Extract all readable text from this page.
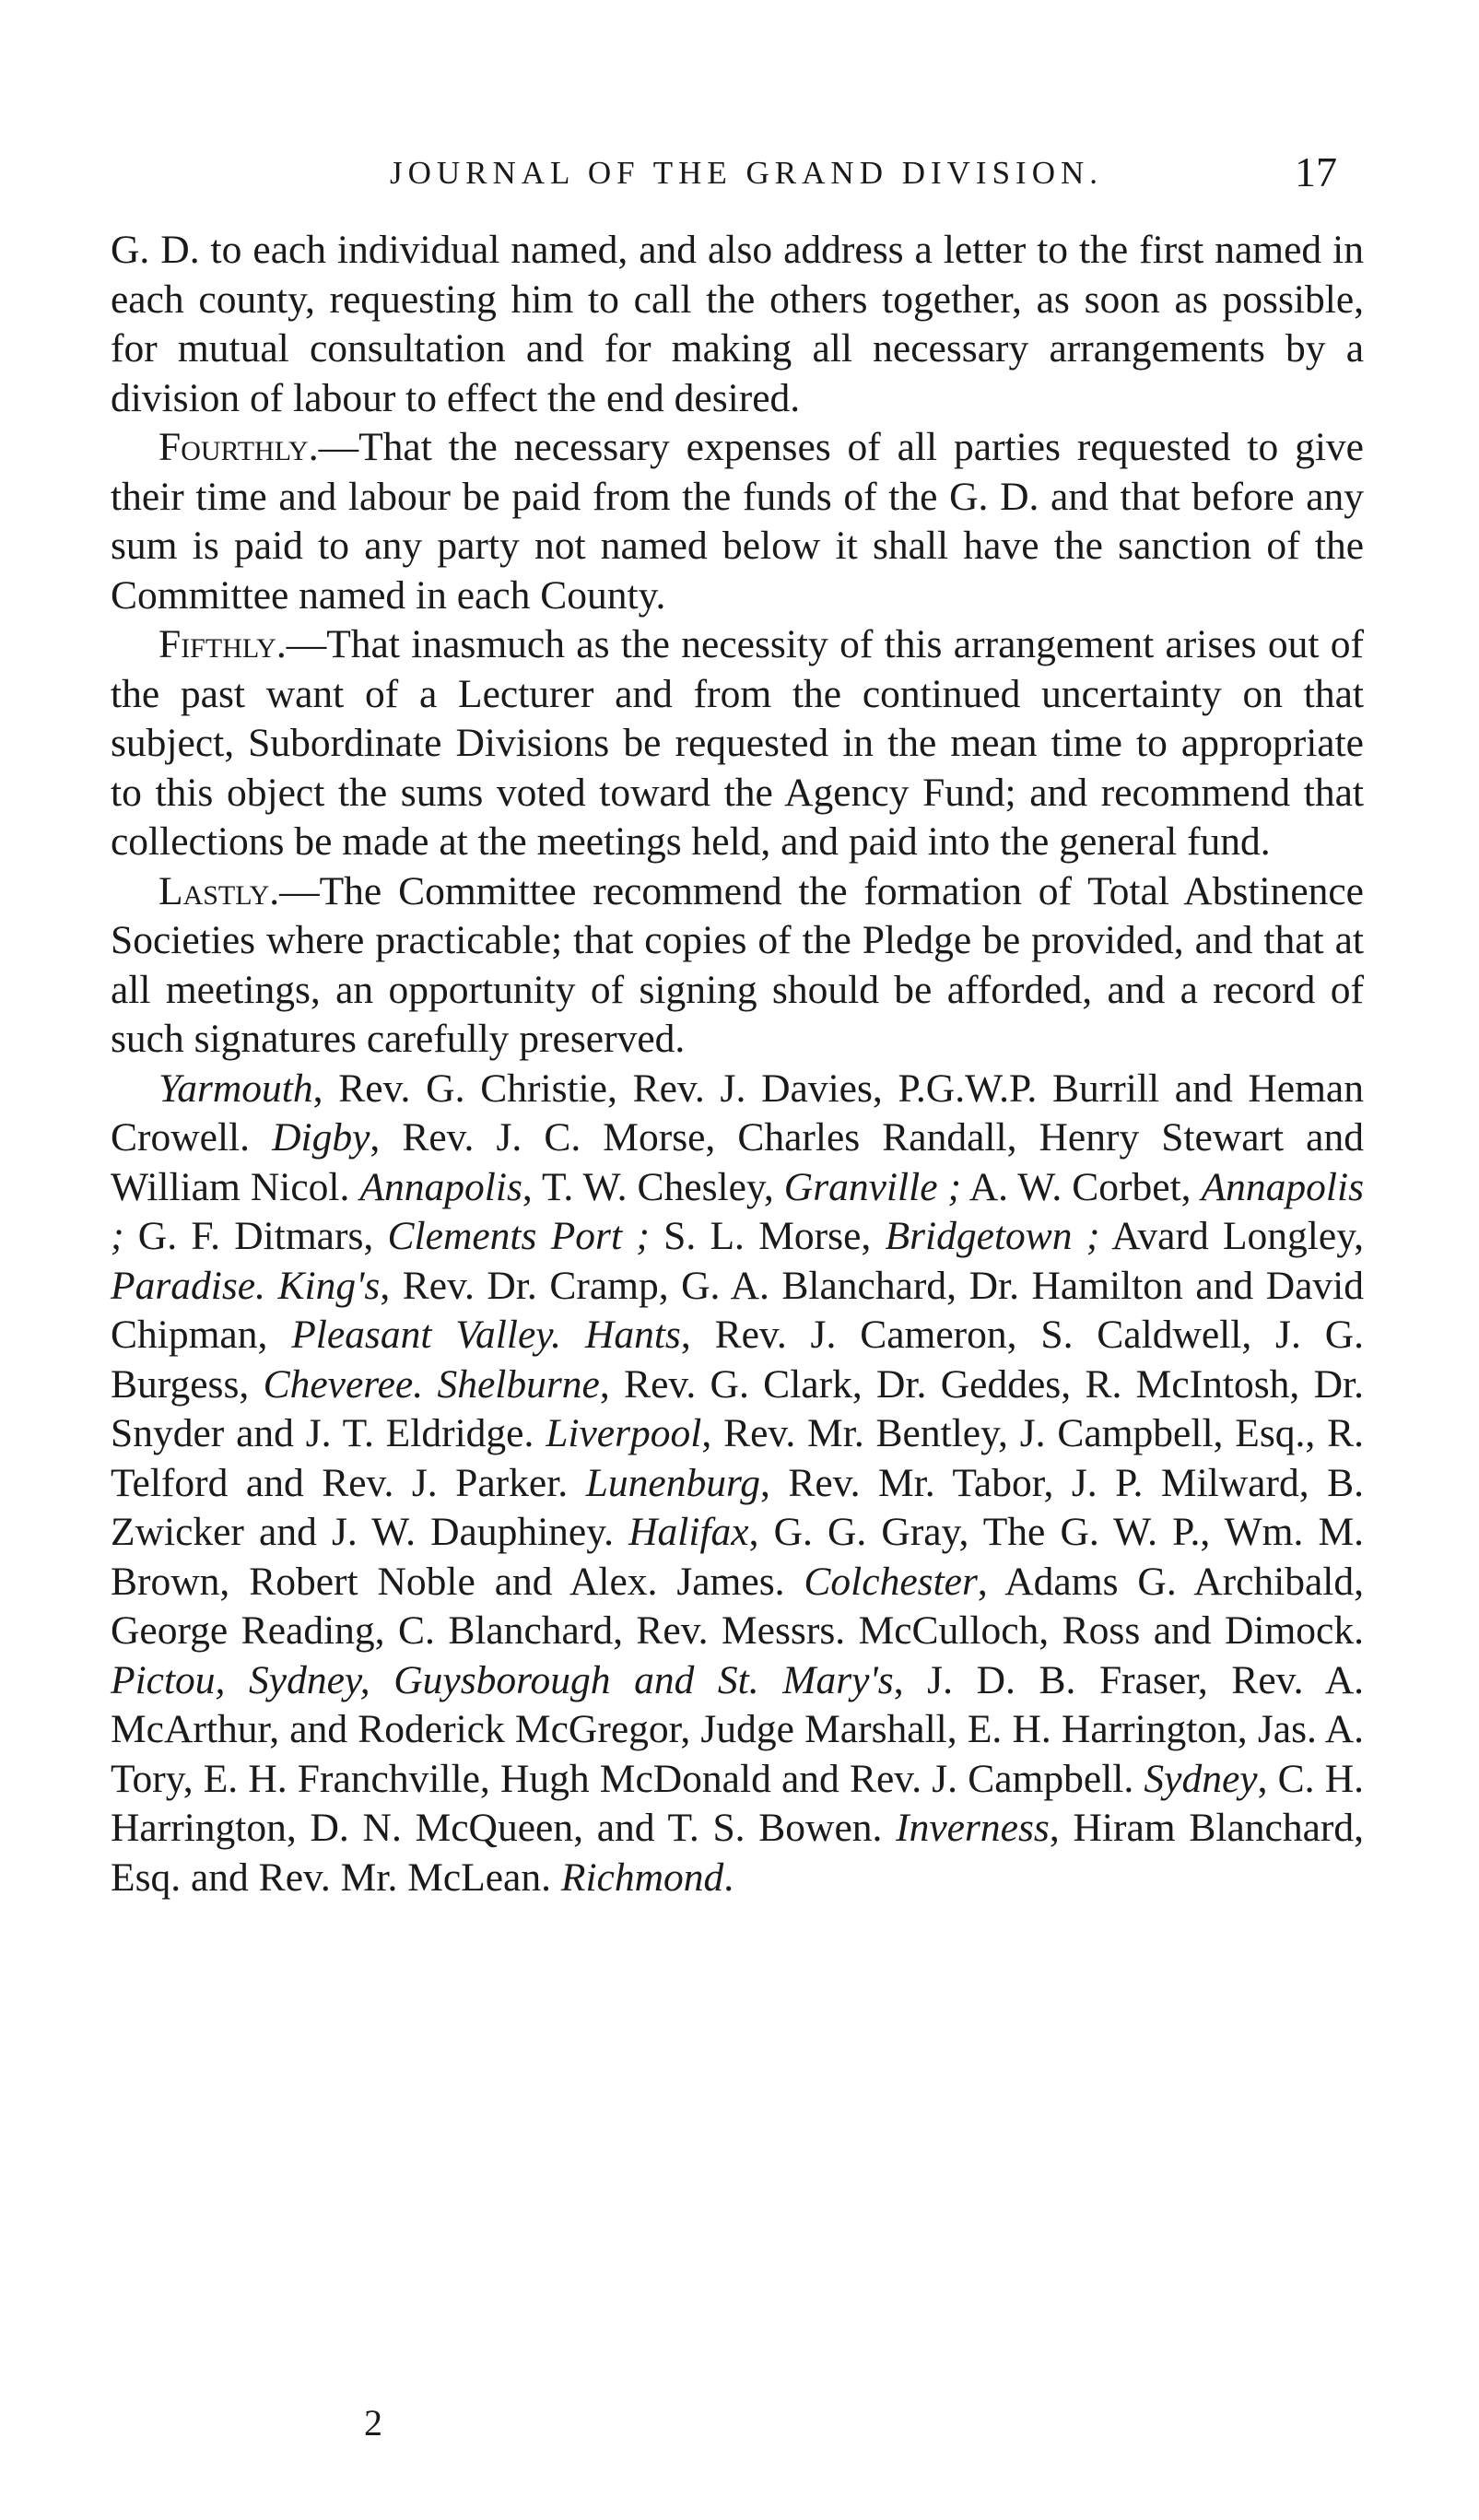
JOURNAL OF THE GRAND DIVISION.	17

G. D. to each individual named, and also address a letter to the first named in each county, requesting him to call the others together, as soon as possible, for mutual consultation and for making all necessary arrangements by a division of labour to effect the end desired.

Fourthly.—That the necessary expenses of all parties requested to give their time and labour be paid from the funds of the G. D. and that before any sum is paid to any party not named below it shall have the sanction of the Committee named in each County.

Fifthly.—That inasmuch as the necessity of this arrangement arises out of the past want of a Lecturer and from the continued uncertainty on that subject, Subordinate Divisions be requested in the mean time to appropriate to this object the sums voted toward the Agency Fund; and recommend that collections be made at the meetings held, and paid into the general fund.

Lastly.—The Committee recommend the formation of Total Abstinence Societies where practicable; that copies of the Pledge be provided, and that at all meetings, an opportunity of signing should be afforded, and a record of such signatures carefully preserved.

Yarmouth, Rev. G. Christie, Rev. J. Davies, P.G.W.P. Burrill and Heman Crowell. Digby, Rev. J. C. Morse, Charles Randall, Henry Stewart and William Nicol. Annapolis, T. W. Chesley, Granville ; A. W. Corbet, Annapolis ; G. F. Ditmars, Clements Port ; S. L. Morse, Bridgetown ; Avard Longley, Paradise. King's, Rev. Dr. Cramp, G. A. Blanchard, Dr. Hamilton and David Chipman, Pleasant Valley. Hants, Rev. J. Cameron, S. Caldwell, J. G. Burgess, Cheveree. Shelburne, Rev. G. Clark, Dr. Geddes, R. McIntosh, Dr. Snyder and J. T. Eldridge. Liverpool, Rev. Mr. Bentley, J. Campbell, Esq., R. Telford and Rev. J. Parker. Lunenburg, Rev. Mr. Tabor, J. P. Milward, B. Zwicker and J. W. Dauphiney. Halifax, G. G. Gray, The G. W. P., Wm. M. Brown, Robert Noble and Alex. James. Colchester, Adams G. Archibald, George Reading, C. Blanchard, Rev. Messrs. McCulloch, Ross and Dimock. Pictou, Sydney, Guysborough and St. Mary's, J. D. B. Fraser, Rev. A. McArthur, and Roderick McGregor, Judge Marshall, E. H. Harrington, Jas. A. Tory, E. H. Franchville, Hugh McDonald and Rev. J. Campbell. Sydney, C. H. Harrington, D. N. McQueen, and T. S. Bowen. Inverness, Hiram Blanchard, Esq. and Rev. Mr. McLean. Richmond.

2
